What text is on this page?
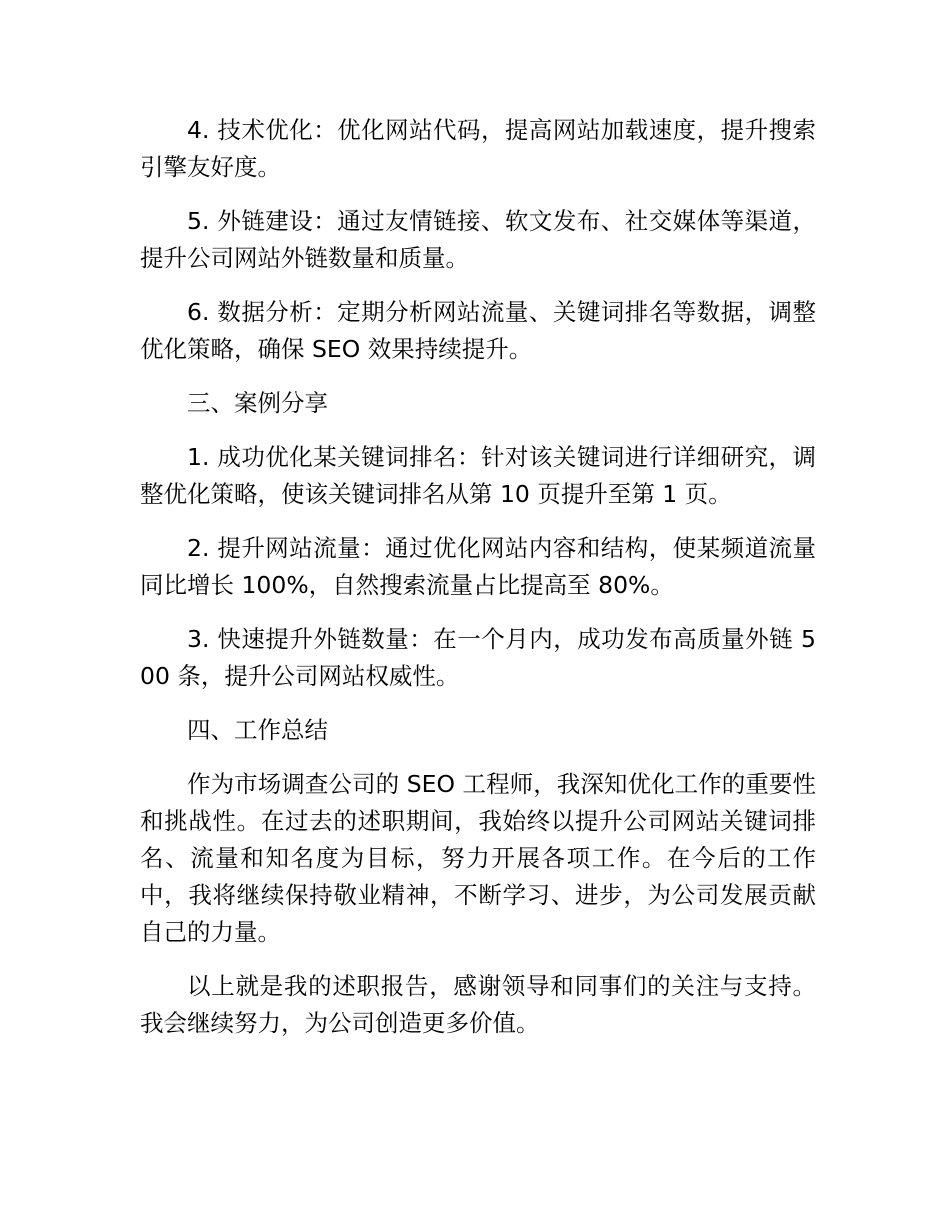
4. 技术优化：优化网站代码，提高网站加载速度，提升搜索引擎友好度。

5. 外链建设：通过友情链接、软文发布、社交媒体等渠道，提升公司网站外链数量和质量。

6. 数据分析：定期分析网站流量、关键词排名等数据，调整优化策略，确保 SEO 效果持续提升。

三、案例分享

1. 成功优化某关键词排名：针对该关键词进行详细研究，调整优化策略，使该关键词排名从第 10 页提升至第 1 页。

2. 提升网站流量：通过优化网站内容和结构，使某频道流量同比增长 100%，自然搜索流量占比提高至 80%。

3. 快速提升外链数量：在一个月内，成功发布高质量外链 500 条，提升公司网站权威性。

四、工作总结

作为市场调查公司的 SEO 工程师，我深知优化工作的重要性和挑战性。在过去的述职期间，我始终以提升公司网站关键词排名、流量和知名度为目标，努力开展各项工作。在今后的工作中，我将继续保持敬业精神，不断学习、进步，为公司发展贡献自己的力量。

以上就是我的述职报告，感谢领导和同事们的关注与支持。我会继续努力，为公司创造更多价值。
